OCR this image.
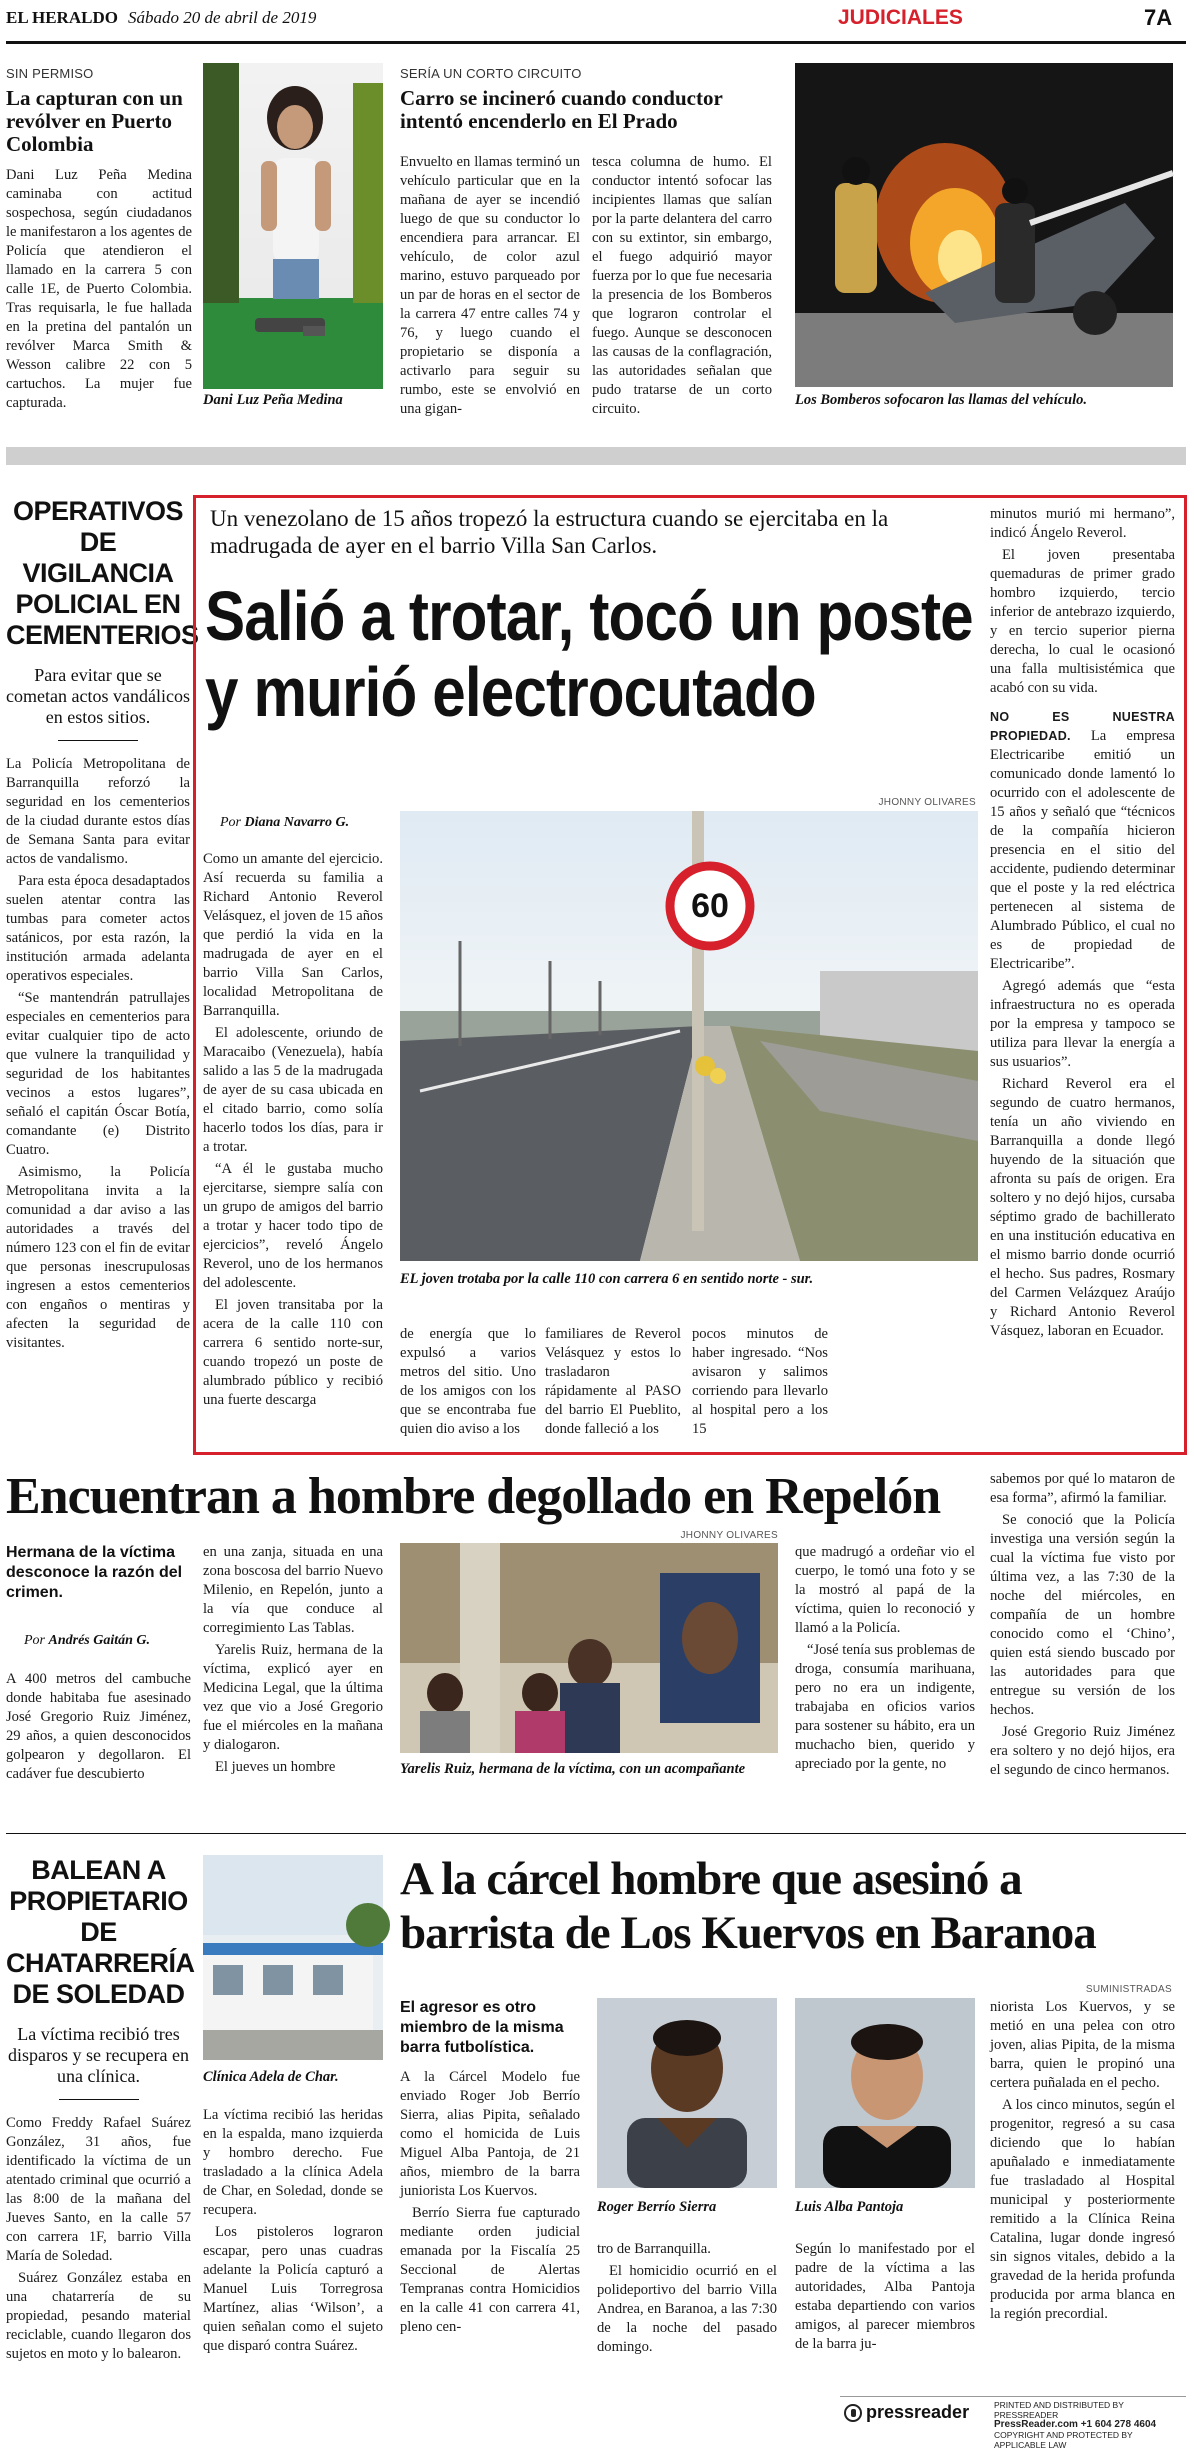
EL HERALDO Sábado 20 de abril de 2019	JUDICIALES	7A
SIN PERMISO
La capturan con un revólver en Puerto Colombia

Dani Luz Peña Medina caminaba con actitud sospechosa, según ciudadanos le manifestaron a los agentes de Policía que atendieron el llamado en la carrera 5 con calle 1E, de Puerto Colombia. Tras requisarla, le fue hallada en la pretina del pantalón un revólver Marca Smith & Wesson calibre 22 con 5 cartuchos. La mujer fue capturada.	Dani Luz Peña Medina
SERÍA UN CORTO CIRCUITO
Carro se incineró cuando conductor intentó encenderlo en El Prado

Envuelto en llamas terminó un vehículo particular que en la mañana de ayer se incendió luego de que su conductor lo encendiera para arrancar. El vehículo, de color azul marino, estuvo parqueado por un par de horas en el sector de la carrera 47 entre calles 74 y 76, y luego cuando el propietario se disponía a activarlo para seguir su rumbo, este se envolvió en una gigan-

tesca columna de humo. El conductor intentó sofocar las incipientes llamas que salían por la parte delantera del carro con su extintor, sin embargo, el fuego adquirió mayor fuerza por lo que fue necesaria la presencia de los Bomberos que lograron controlar el fuego. Aunque se desconocen las causas de la conflagración, las autoridades señalan que pudo tratarse de un corto circuito.

Los Bomberos sofocaron las llamas del vehículo.
OPERATIVOS DE VIGILANCIA POLICIAL EN CEMENTERIOS
Para evitar que se cometan actos vandálicos en estos sitios.

La Policía Metropolitana de Barranquilla reforzó la seguridad en los cementerios de la ciudad durante estos días de Semana Santa para evitar actos de vandalismo.

Para esta época desadaptados suelen atentar contra las tumbas para cometer actos satánicos, por esta razón, la institución armada adelanta operativos especiales.

“Se mantendrán patrullajes especiales en cementerios para evitar cualquier tipo de acto que vulnere la tranquilidad y seguridad de los habitantes vecinos a estos lugares”, señaló el capitán Óscar Botía, comandante (e) Distrito Cuatro.

Asimismo, la Policía Metropolitana invita a la comunidad a dar aviso a las autoridades a través del número 123 con el fin de evitar que personas inescrupulosas ingresen a estos cementerios con engaños o mentiras y afecten la seguridad de visitantes.

Un venezolano de 15 años tropezó la estructura cuando se ejercitaba en la madrugada de ayer en el barrio Villa San Carlos.
Salió a trotar, tocó un poste
y murió electrocutado
Por Diana Navarro G.

Como un amante del ejercicio. Así recuerda su familia a Richard Antonio Reverol Velásquez, el joven de 15 años que perdió la vida en la madrugada de ayer en el barrio Villa San Carlos, localidad Metropolitana de Barranquilla.

El adolescente, oriundo de Maracaibo (Venezuela), había salido a las 5 de la madrugada de ayer de su casa ubicada en el citado barrio, como solía hacerlo todos los días, para ir a trotar.

“A él le gustaba mucho ejercitarse, siempre salía con un grupo de amigos del barrio a trotar y hacer todo tipo de ejercicios”, reveló Ángelo Reverol, uno de los hermanos del adolescente.

El joven transitaba por la acera de la calle 110 con carrera 6 sentido norte-sur, cuando tropezó un poste de alumbrado público y recibió una fuerte descarga

JHONNY OLIVARES
60
EL joven trotaba por la calle 110 con carrera 6 en sentido norte - sur.

de energía que lo expulsó a varios metros del sitio. Uno de los amigos con los que se encontraba fue quien dio aviso a los

familiares de Reverol Velásquez y estos lo trasladaron rápidamente al PASO del barrio El Pueblito, donde falleció a los

pocos minutos de haber ingresado. “Nos avisaron y salimos corriendo para llevarlo al hospital pero a los 15

minutos murió mi hermano”, indicó Ángelo Reverol.

El joven presentaba quemaduras de primer grado hombro izquierdo, tercio inferior de antebrazo izquierdo, y en tercio superior pierna derecha, lo cual le ocasionó una falla multisistémica que acabó con su vida.

NO ES NUESTRA PROPIEDAD. La empresa Electricaribe emitió un comunicado donde lamentó lo ocurrido con el adolescente de 15 años y señaló que “técnicos de la compañía hicieron presencia en el sitio del accidente, pudiendo determinar que el poste y la red eléctrica pertenecen al sistema de Alumbrado Público, el cual no es de propiedad de Electricaribe”.

Agregó además que “esta infraestructura no es operada por la empresa y tampoco se utiliza para llevar la energía a sus usuarios”.

Richard Reverol era el segundo de cuatro hermanos, tenía un año viviendo en Barranquilla a donde llegó huyendo de la situación que afronta su país de origen. Era soltero y no dejó hijos, cursaba séptimo grado de bachillerato en una institución educativa en el mismo barrio donde ocurrió el hecho. Sus padres, Rosmary del Carmen Velázquez Araújo y Richard Antonio Reverol Vásquez, laboran en Ecuador.

Encuentran a hombre degollado en Repelón
Hermana de la víctima desconoce la razón del crimen.
Por Andrés Gaitán G.

A 400 metros del cambuche donde habitaba fue asesinado José Gregorio Ruiz Jiménez, 29 años, a quien desconocidos golpearon y degollaron. El cadáver fue descubierto

en una zanja, situada en una zona boscosa del barrio Nuevo Milenio, en Repelón, junto a la vía que conduce al corregimiento Las Tablas.

Yarelis Ruiz, hermana de la víctima, explicó ayer en Medicina Legal, que la última vez que vio a José Gregorio fue el miércoles en la mañana y dialogaron.

El jueves un hombre

JHONNY OLIVARES
Yarelis Ruiz, hermana de la víctima, con un acompañante

que madrugó a ordeñar vio el cuerpo, le tomó una foto y se la mostró al papá de la víctima, quien lo reconoció y llamó a la Policía.

“José tenía sus problemas de droga, consumía marihuana, pero no era un indigente, trabajaba en oficios varios para sostener su hábito, era un muchacho bien, querido y apreciado por la gente, no

sabemos por qué lo mataron de esa forma”, afirmó la familiar.

Se conoció que la Policía investiga una versión según la cual la víctima fue visto por última vez, a las 7:30 de la noche del miércoles, en compañía de un hombre conocido como el ‘Chino’, quien está siendo buscado por las autoridades para que entregue su versión de los hechos.

José Gregorio Ruiz Jiménez era soltero y no dejó hijos, era el segundo de cinco hermanos.

BALEAN A PROPIETARIO DE CHATARRERÍA DE SOLEDAD
La víctima recibió tres disparos y se recupera en una clínica.

Como Freddy Rafael Suárez González, 31 años, fue identificado la víctima de un atentado criminal que ocurrió a las 8:00 de la mañana del Jueves Santo, en la calle 57 con carrera 1F, barrio Villa María de Soledad.

Suárez González estaba en una chatarrería de su propiedad, pesando material reciclable, cuando llegaron dos sujetos en moto y lo balearon.

Clínica Adela de Char.

La víctima recibió las heridas en la espalda, mano izquierda y hombro derecho. Fue trasladado a la clínica Adela de Char, en Soledad, donde se recupera.

Los pistoleros lograron escapar, pero unas cuadras adelante la Policía capturó a Manuel Luis Torregrosa Martínez, alias ‘Wilson’, a quien señalan como el sujeto que disparó contra Suárez.

A la cárcel hombre que asesinó a
barrista de Los Kuervos en Baranoa
El agresor es otro miembro de la misma barra futbolística.
SUMINISTRADAS
Roger Berrío Sierra	Luis Alba Pantoja

A la Cárcel Modelo fue enviado Roger Job Berrío Sierra, alias Pipita, señalado como el homicida de Luis Miguel Alba Pantoja, de 21 años, miembro de la barra juniorista Los Kuervos.

Berrío Sierra fue capturado mediante orden judicial emanada por la Fiscalía 25 Seccional de Alertas Tempranas contra Homicidios en la calle 41 con carrera 41, pleno cen-

tro de Barranquilla.

El homicidio ocurrió en el polideportivo del barrio Villa Andrea, en Baranoa, a las 7:30 de la noche del pasado domingo.

Según lo manifestado por el padre de la víctima a las autoridades, Alba Pantoja estaba departiendo con varios amigos, al parecer miembros de la barra ju-

niorista Los Kuervos, y se metió en una pelea con otro joven, alias Pipita, de la misma barra, quien le propinó una certera puñalada en el pecho.

A los cinco minutos, según el progenitor, regresó a su casa diciendo que lo habían apuñalado e inmediatamente fue trasladado al Hospital municipal y posteriormente remitido a la Clínica Reina Catalina, lugar donde ingresó sin signos vitales, debido a la gravedad de la herida profunda producida por arma blanca en la región precordial.

pressreader	PRINTED AND DISTRIBUTED BY PRESSREADER
PressReader.com +1 604 278 4604
COPYRIGHT AND PROTECTED BY APPLICABLE LAW
